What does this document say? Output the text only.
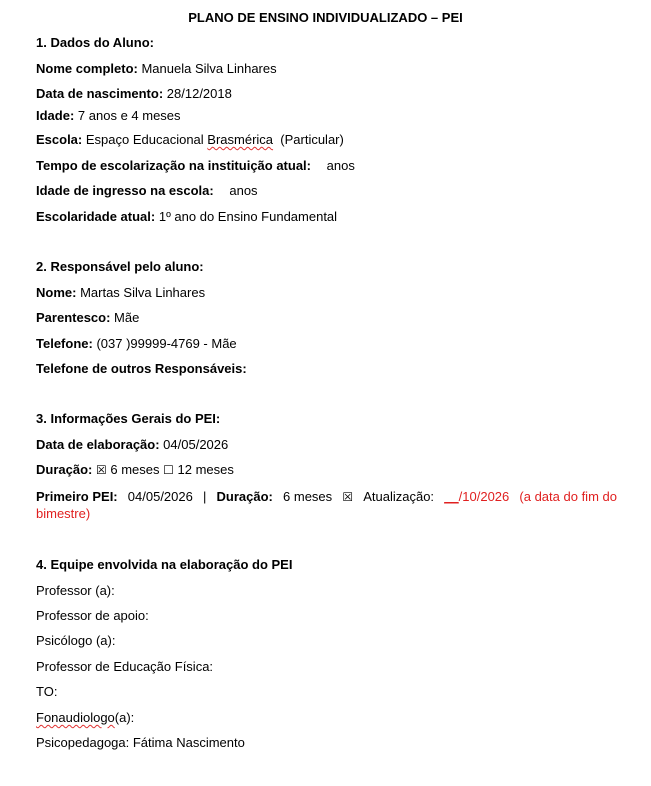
PLANO DE ENSINO INDIVIDUALIZADO – PEI
1. Dados do Aluno:
Nome completo: Manuela Silva Linhares
Data de nascimento: 28/12/2018
Idade: 7 anos e 4 meses
Escola: Espaço Educacional Brasmérica  (Particular)
Tempo de escolarização na instituição atual: anos
Idade de ingresso na escola: anos
Escolaridade atual: 1º ano do Ensino Fundamental
2. Responsável pelo aluno:
Nome: Martas Silva Linhares
Parentesco: Mãe
Telefone: (037 )99999-4769 - Mãe
Telefone de outros Responsáveis:
3. Informações Gerais do PEI:
Data de elaboração: 04/05/2026
Duração: ☒ 6 meses ☐ 12 meses
Primeiro PEI: 04/05/2026 | Duração: 6 meses ☒ Atualização: __/10/2026 (a data do fim do
bimestre)
4. Equipe envolvida na elaboração do PEI
Professor (a):
Professor de apoio:
Psicólogo (a):
Professor de Educação Física:
TO:
Fonaudiologo(a):
Psicopedagoga: Fátima Nascimento
